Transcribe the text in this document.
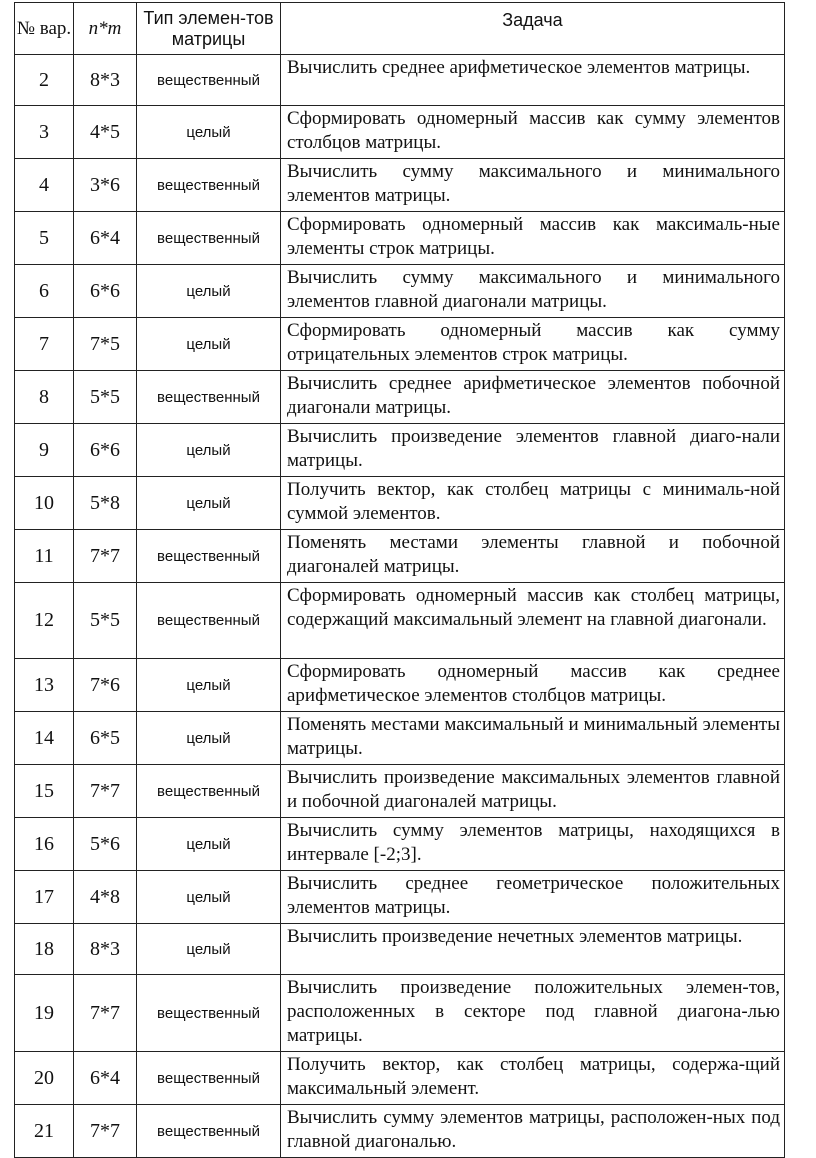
№ вар.	n*m	Тип элемен-тов матрицы	Задача
2	8*3	вещественный	Вычислить среднее арифметическое элементов матрицы.
3	4*5	целый	Сформировать одномерный массив как сумму элементов столбцов матрицы.
4	3*6	вещественный	Вычислить сумму максимального и минимального элементов матрицы.
5	6*4	вещественный	Сформировать одномерный массив как максималь-ные элементы строк матрицы.
6	6*6	целый	Вычислить сумму максимального и минимального элементов главной диагонали матрицы.
7	7*5	целый	Сформировать одномерный массив как сумму отрицательных элементов строк матрицы.
8	5*5	вещественный	Вычислить среднее арифметическое элементов побочной диагонали матрицы.
9	6*6	целый	Вычислить произведение элементов главной диаго-нали матрицы.
10	5*8	целый	Получить вектор, как столбец матрицы с минималь-ной суммой элементов.
11	7*7	вещественный	Поменять местами элементы главной и побочной диагоналей матрицы.
12	5*5	вещественный	Сформировать одномерный массив как столбец матрицы, содержащий максимальный элемент на главной диагонали.
13	7*6	целый	Сформировать одномерный массив как среднее арифметическое элементов столбцов матрицы.
14	6*5	целый	Поменять местами максимальный и минимальный элементы матрицы.
15	7*7	вещественный	Вычислить произведение максимальных элементов главной и побочной диагоналей матрицы.
16	5*6	целый	Вычислить сумму элементов матрицы, находящихся в интервале [-2;3].
17	4*8	целый	Вычислить среднее геометрическое положительных элементов матрицы.
18	8*3	целый	Вычислить произведение нечетных элементов матрицы.
19	7*7	вещественный	Вычислить произведение положительных элемен-тов, расположенных в секторе под главной диагона-лью матрицы.
20	6*4	вещественный	Получить вектор, как столбец матрицы, содержа-щий максимальный элемент.
21	7*7	вещественный	Вычислить сумму элементов матрицы, расположен-ных под главной диагональю.
